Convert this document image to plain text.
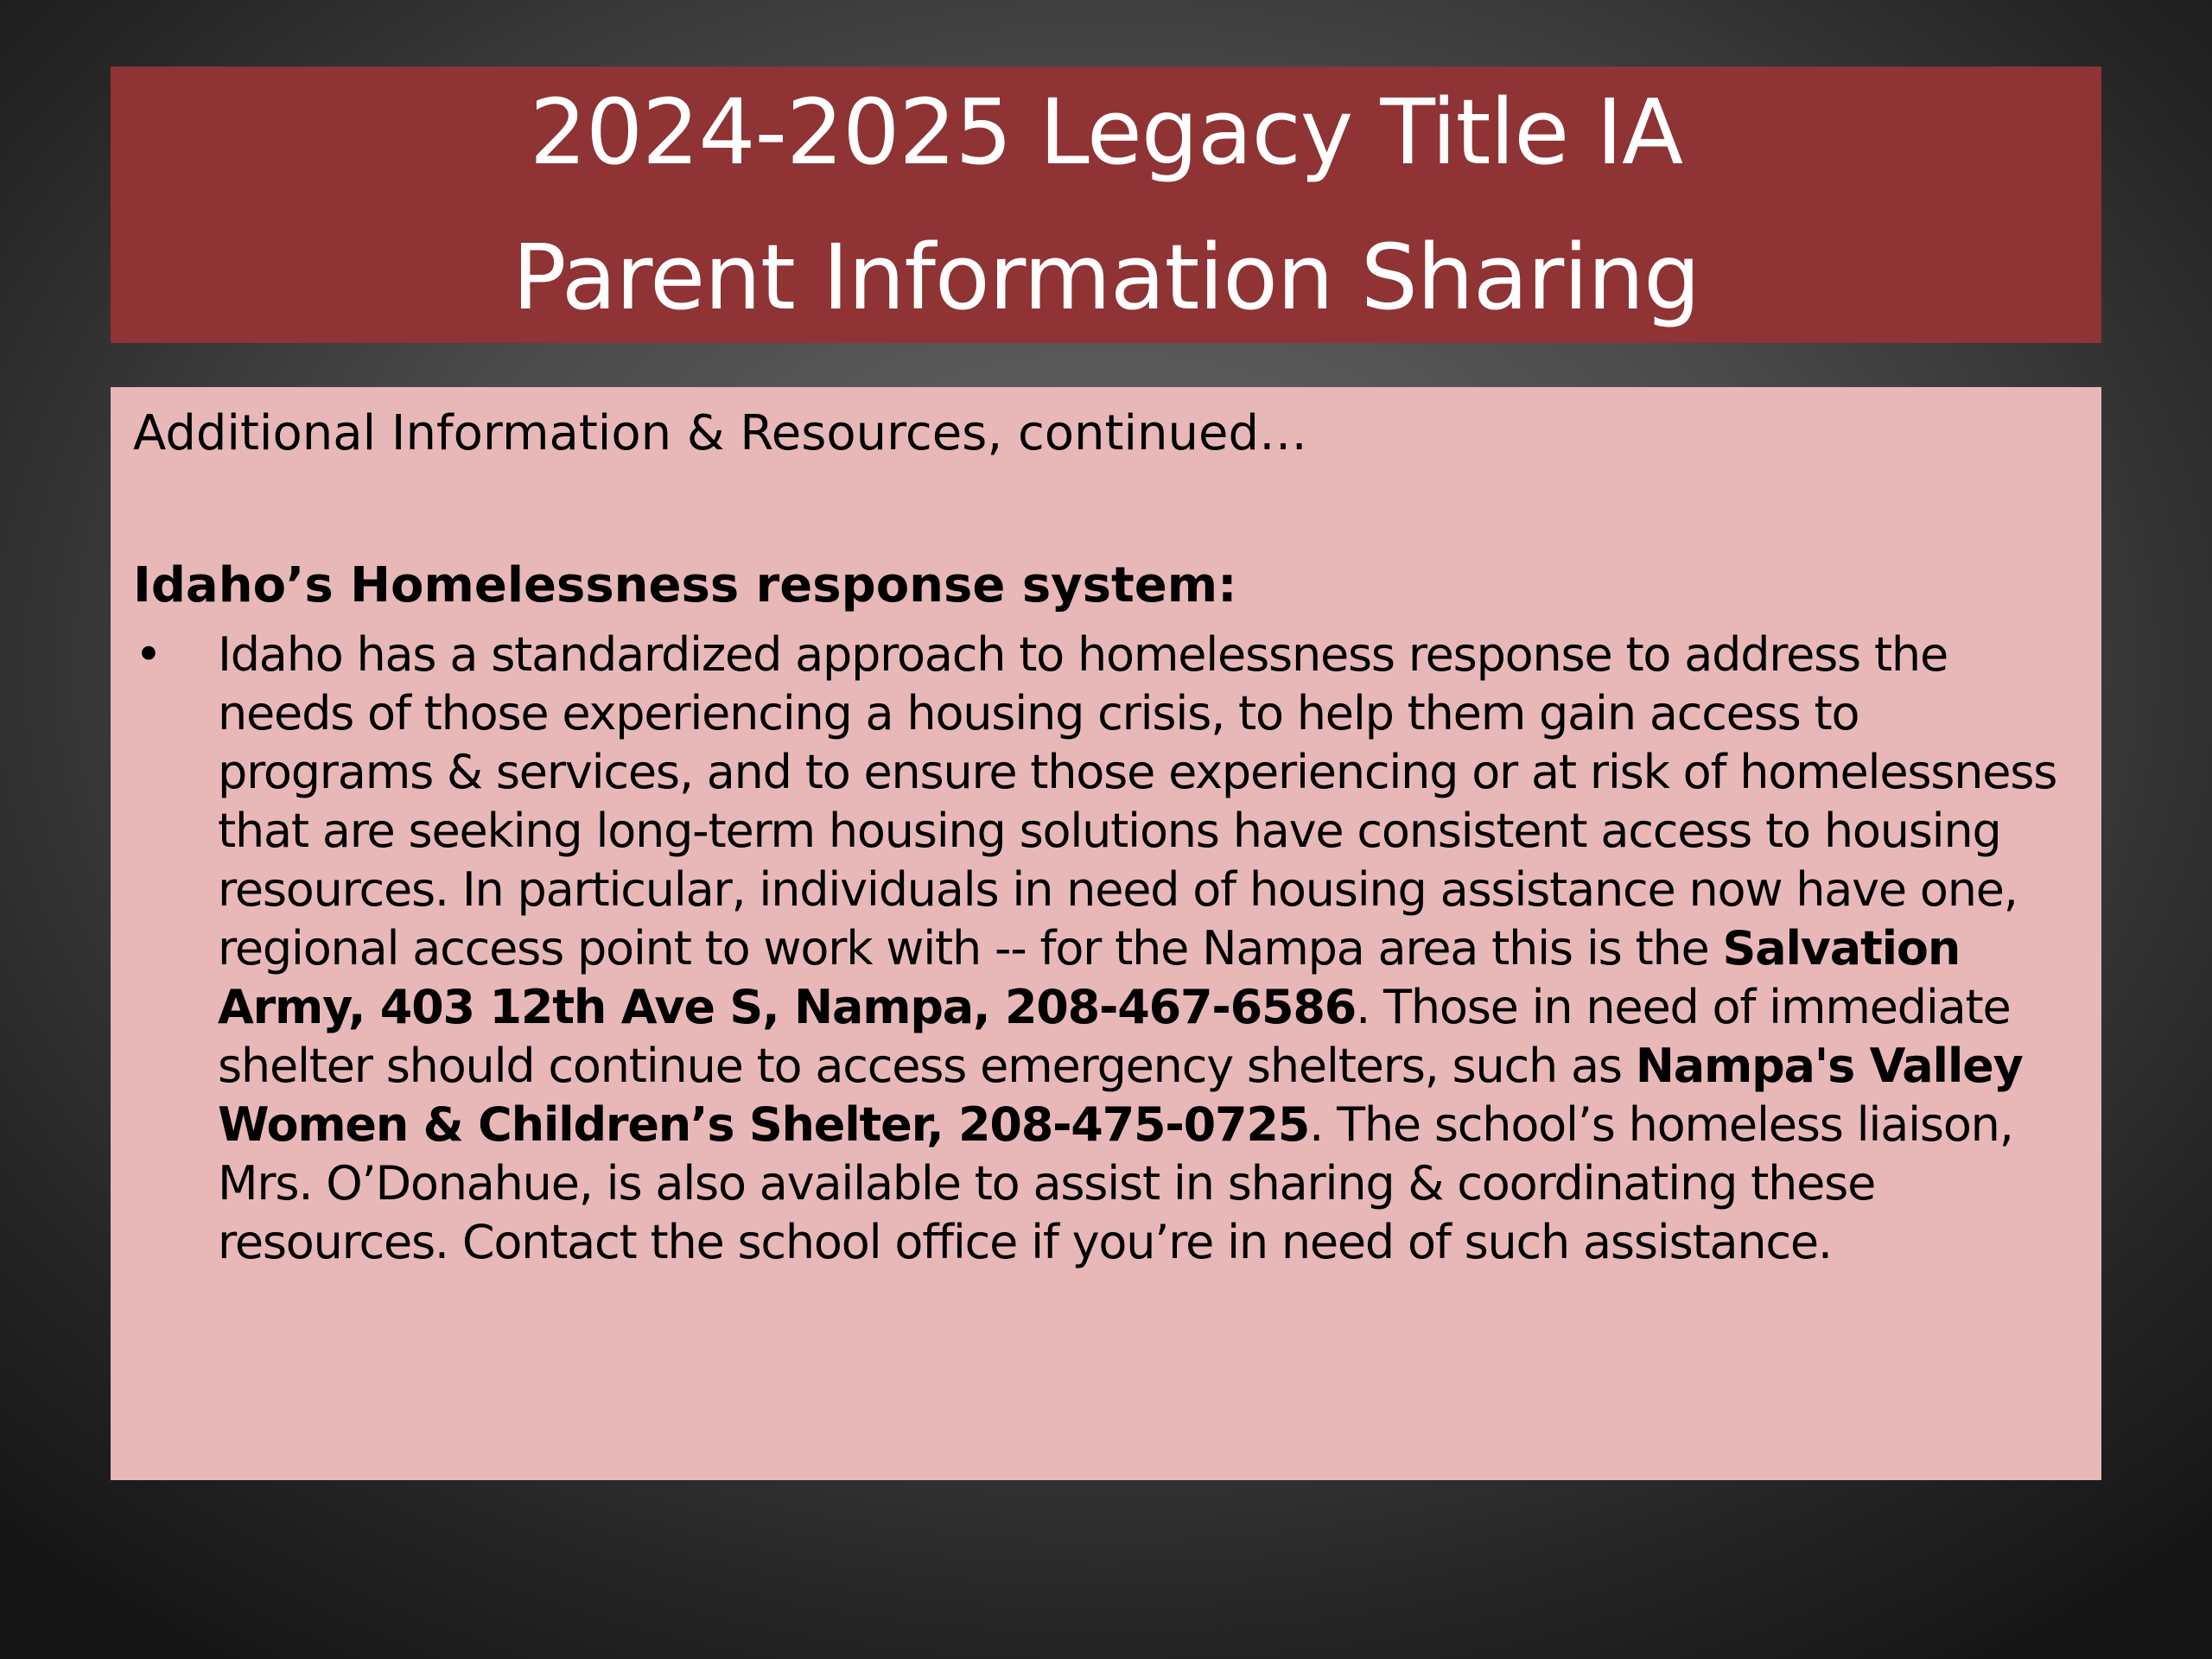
2024-2025 Legacy Title IA
Parent Information Sharing
Additional Information & Resources, continued…
Idaho’s Homelessness response system:
•	Idaho has a standardized approach to homelessness response to address the needs of those experiencing a housing crisis, to help them gain access to programs & services, and to ensure those experiencing or at risk of homelessness that are seeking long-term housing solutions have consistent access to housing resources. In particular, individuals in need of housing assistance now have one, regional access point to work with -- for the Nampa area this is the Salvation Army, 403 12th Ave S, Nampa, 208-467-6586. Those in need of immediate shelter should continue to access emergency shelters, such as Nampa's Valley Women & Children’s Shelter, 208-475-0725. The school’s homeless liaison, Mrs. O’Donahue, is also available to assist in sharing & coordinating these resources. Contact the school office if you’re in need of such assistance.
